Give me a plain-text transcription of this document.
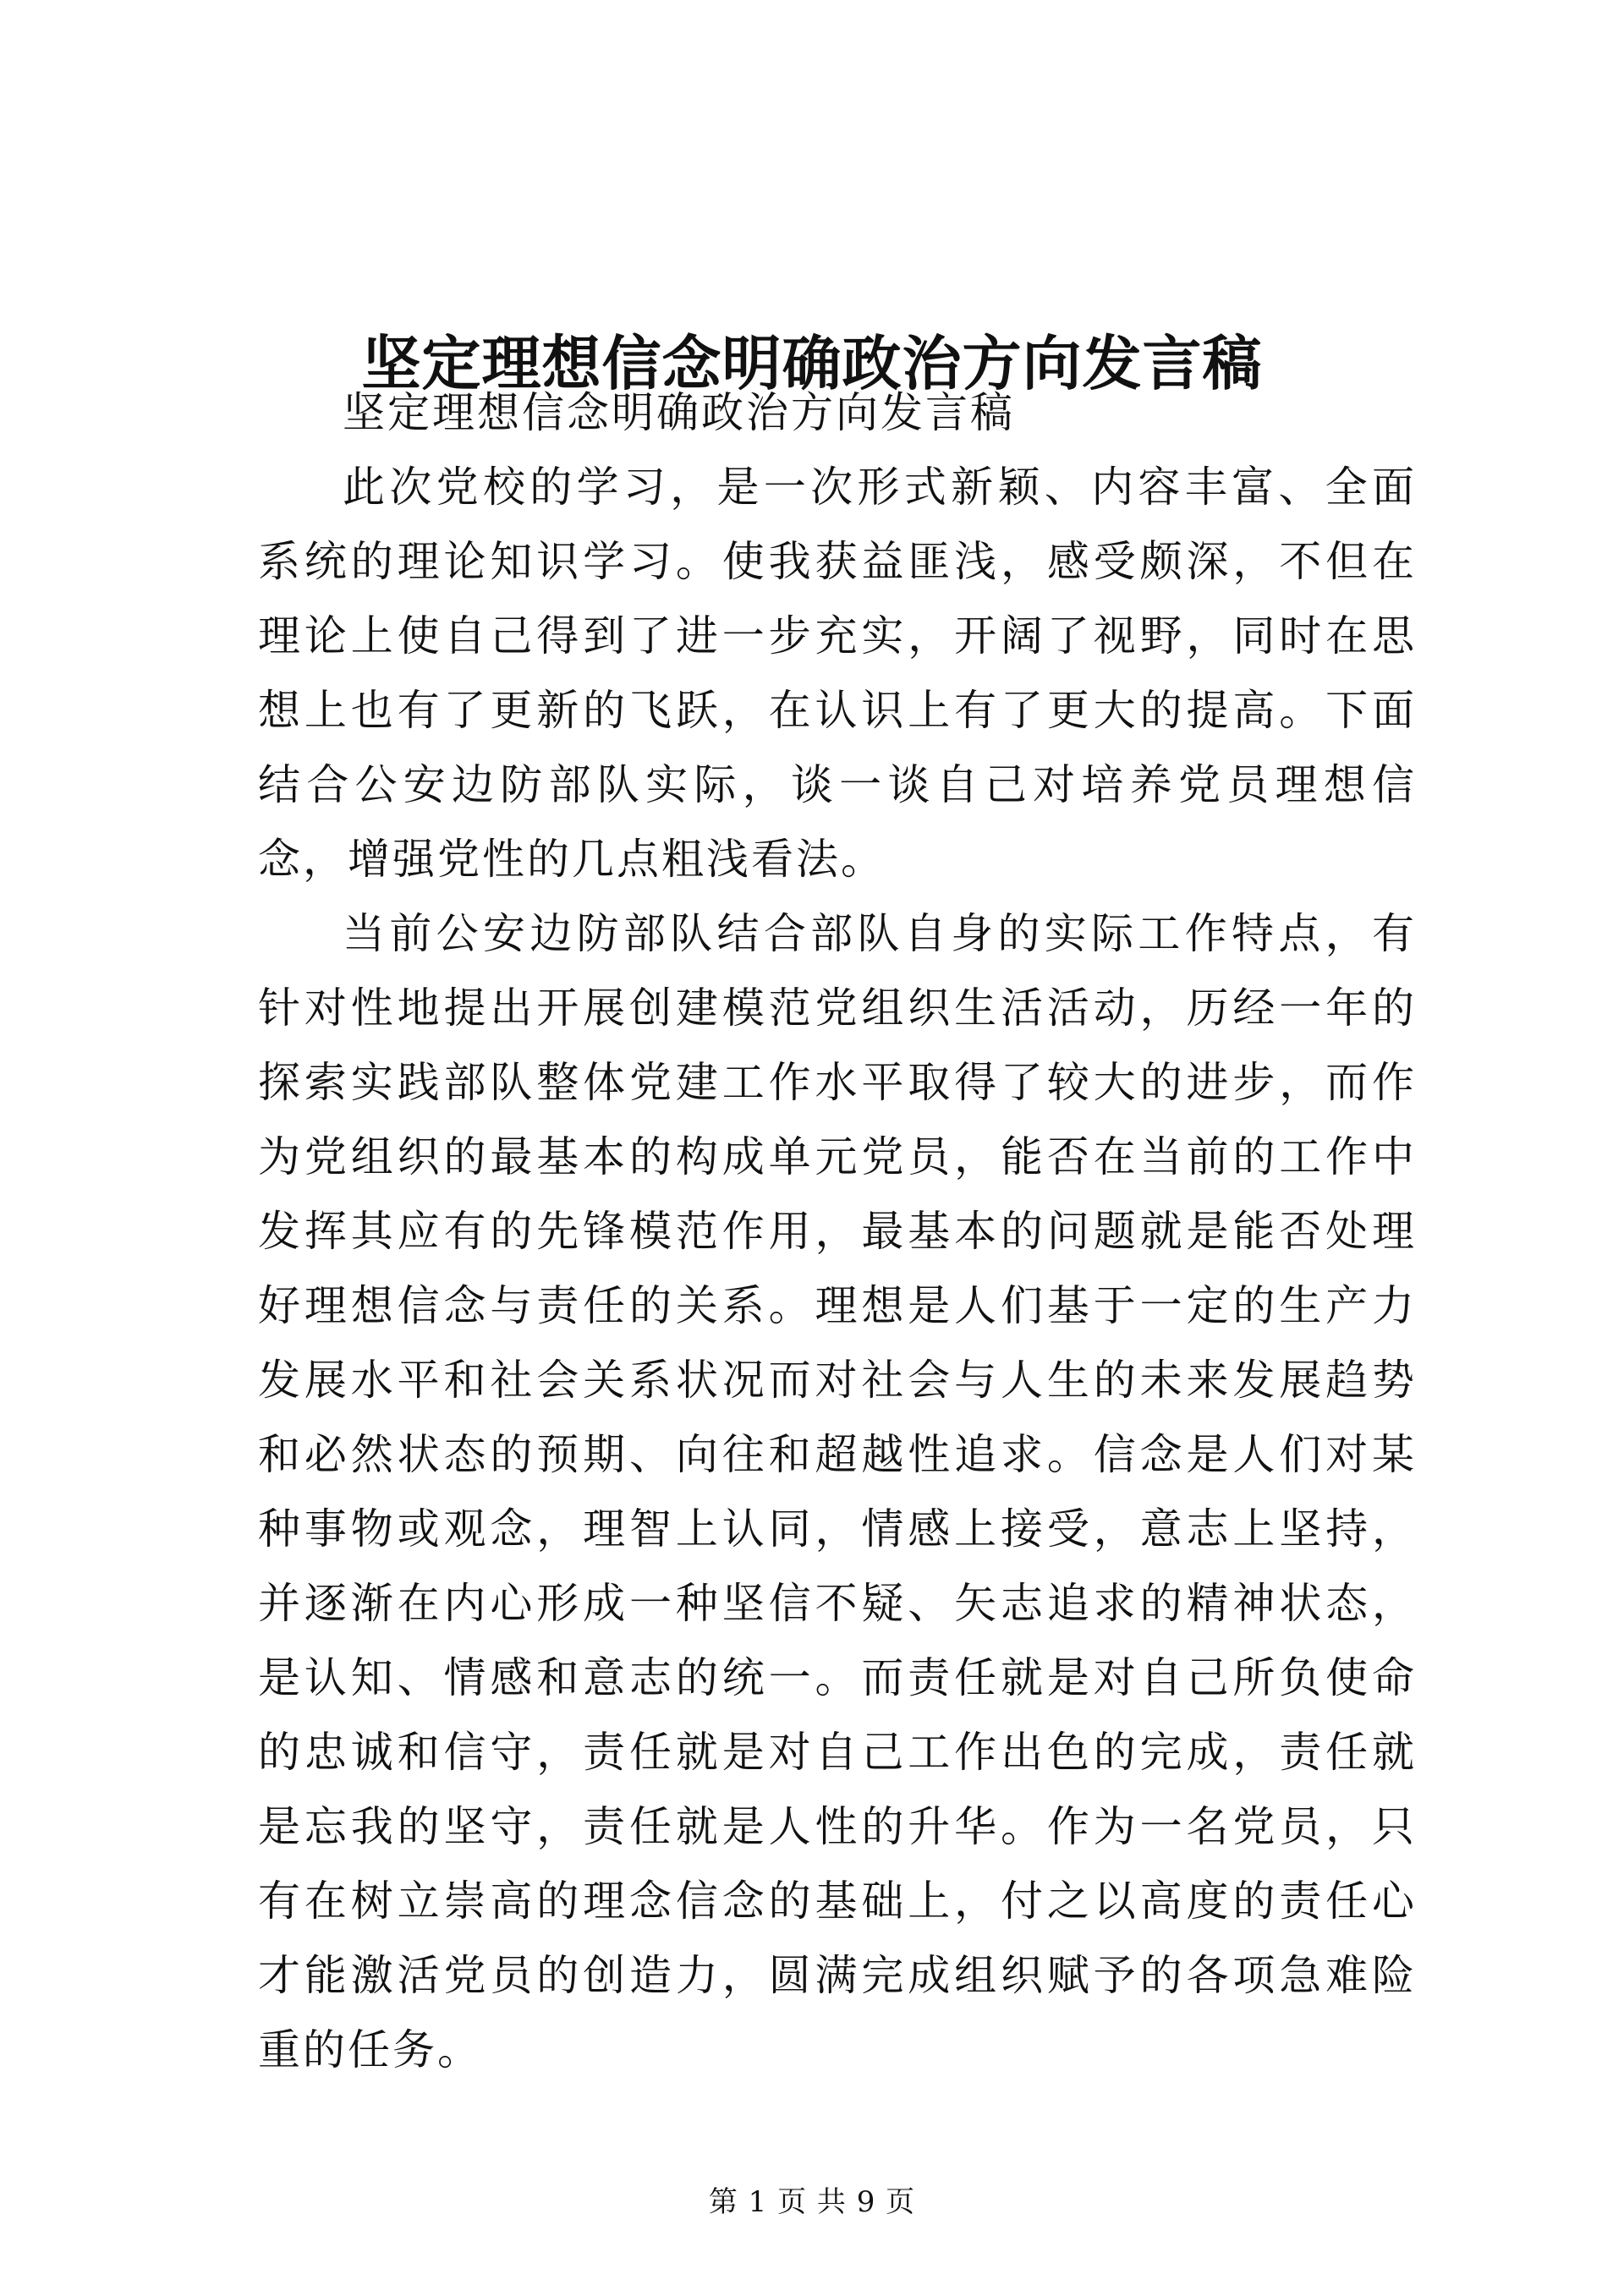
坚定理想信念明确政治方向发言稿

坚定理想信念明确政治方向发言稿

此次党校的学习，是一次形式新颖、内容丰富、全面系统的理论知识学习。使我获益匪浅，感受颇深，不但在理论上使自己得到了进一步充实，开阔了视野，同时在思想上也有了更新的飞跃，在认识上有了更大的提高。下面结合公安边防部队实际，谈一谈自己对培养党员理想信念，增强党性的几点粗浅看法。

当前公安边防部队结合部队自身的实际工作特点，有针对性地提出开展创建模范党组织生活活动，历经一年的探索实践部队整体党建工作水平取得了较大的进步，而作为党组织的最基本的构成单元党员，能否在当前的工作中发挥其应有的先锋模范作用，最基本的问题就是能否处理好理想信念与责任的关系。理想是人们基于一定的生产力发展水平和社会关系状况而对社会与人生的未来发展趋势和必然状态的预期、向往和超越性追求。信念是人们对某种事物或观念，理智上认同，情感上接受，意志上坚持，并逐渐在内心形成一种坚信不疑、矢志追求的精神状态，是认知、情感和意志的统一。而责任就是对自己所负使命的忠诚和信守，责任就是对自己工作出色的完成，责任就是忘我的坚守，责任就是人性的升华。作为一名党员，只有在树立崇高的理念信念的基础上，付之以高度的责任心才能激活党员的创造力，圆满完成组织赋予的各项急难险重的任务。

第 1 页 共 9 页
